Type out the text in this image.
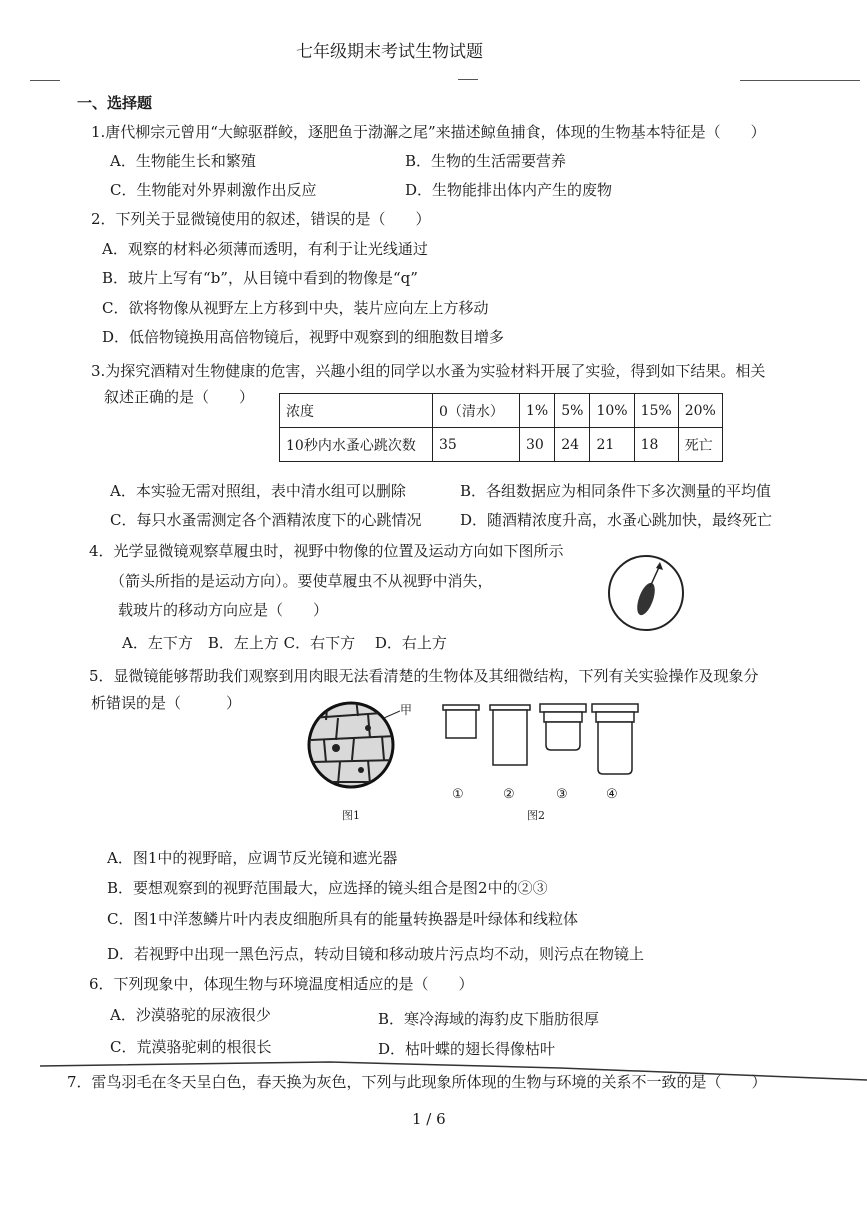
七年级期末考试生物试题
一、选择题
1.唐代柳宗元曾用“大鲸驱群鲛，逐肥鱼于渤澥之尾”来描述鲸鱼捕食，体现的生物基本特征是（　　）
A．生物能生长和繁殖	B．生物的生活需要营养
C．生物能对外界刺激作出反应	D．生物能排出体内产生的废物
2．下列关于显微镜使用的叙述，错误的是（　　）
A．观察的材料必须薄而透明，有利于让光线通过
B．玻片上写有“b”，从目镜中看到的物像是“q”
C．欲将物像从视野左上方移到中央，装片应向左上方移动
D．低倍物镜换用高倍物镜后，视野中观察到的细胞数目增多
3.为探究酒精对生物健康的危害，兴趣小组的同学以水蚤为实验材料开展了实验，得到如下结果。相关
叙述正确的是（　　）
浓度	0（清水）	1%	5%	10%	15%	20%
10秒内水蚤心跳次数	35	30	24	21	18	死亡
A．本实验无需对照组，表中清水组可以删除	B．各组数据应为相同条件下多次测量的平均值
C．每只水蚤需测定各个酒精浓度下的心跳情况	D．随酒精浓度升高，水蚤心跳加快，最终死亡
4．光学显微镜观察草履虫时，视野中物像的位置及运动方向如下图所示
（箭头所指的是运动方向）。要使草履虫不从视野中消失，
载玻片的移动方向应是（　　）
A．左下方　B．左上方 C．右下方　 D．右上方
5．显微镜能够帮助我们观察到用肉眼无法看清楚的生物体及其细微结构，下列有关实验操作及现象分
析错误的是（　　　）	甲
图1
①	②	③	④
图2
A．图1中的视野暗，应调节反光镜和遮光器
B．要想观察到的视野范围最大，应选择的镜头组合是图2中的②③
C．图1中洋葱鳞片叶内表皮细胞所具有的能量转换器是叶绿体和线粒体
D．若视野中出现一黑色污点，转动目镜和移动玻片污点均不动，则污点在物镜上
6．下列现象中，体现生物与环境温度相适应的是（　　）
A．沙漠骆驼的尿液很少	B．寒冷海域的海豹皮下脂肪很厚
C．荒漠骆驼刺的根很长	D．枯叶蝶的翅长得像枯叶
7．雷鸟羽毛在冬天呈白色，春天换为灰色，下列与此现象所体现的生物与环境的关系不一致的是（　　）
1 / 6
